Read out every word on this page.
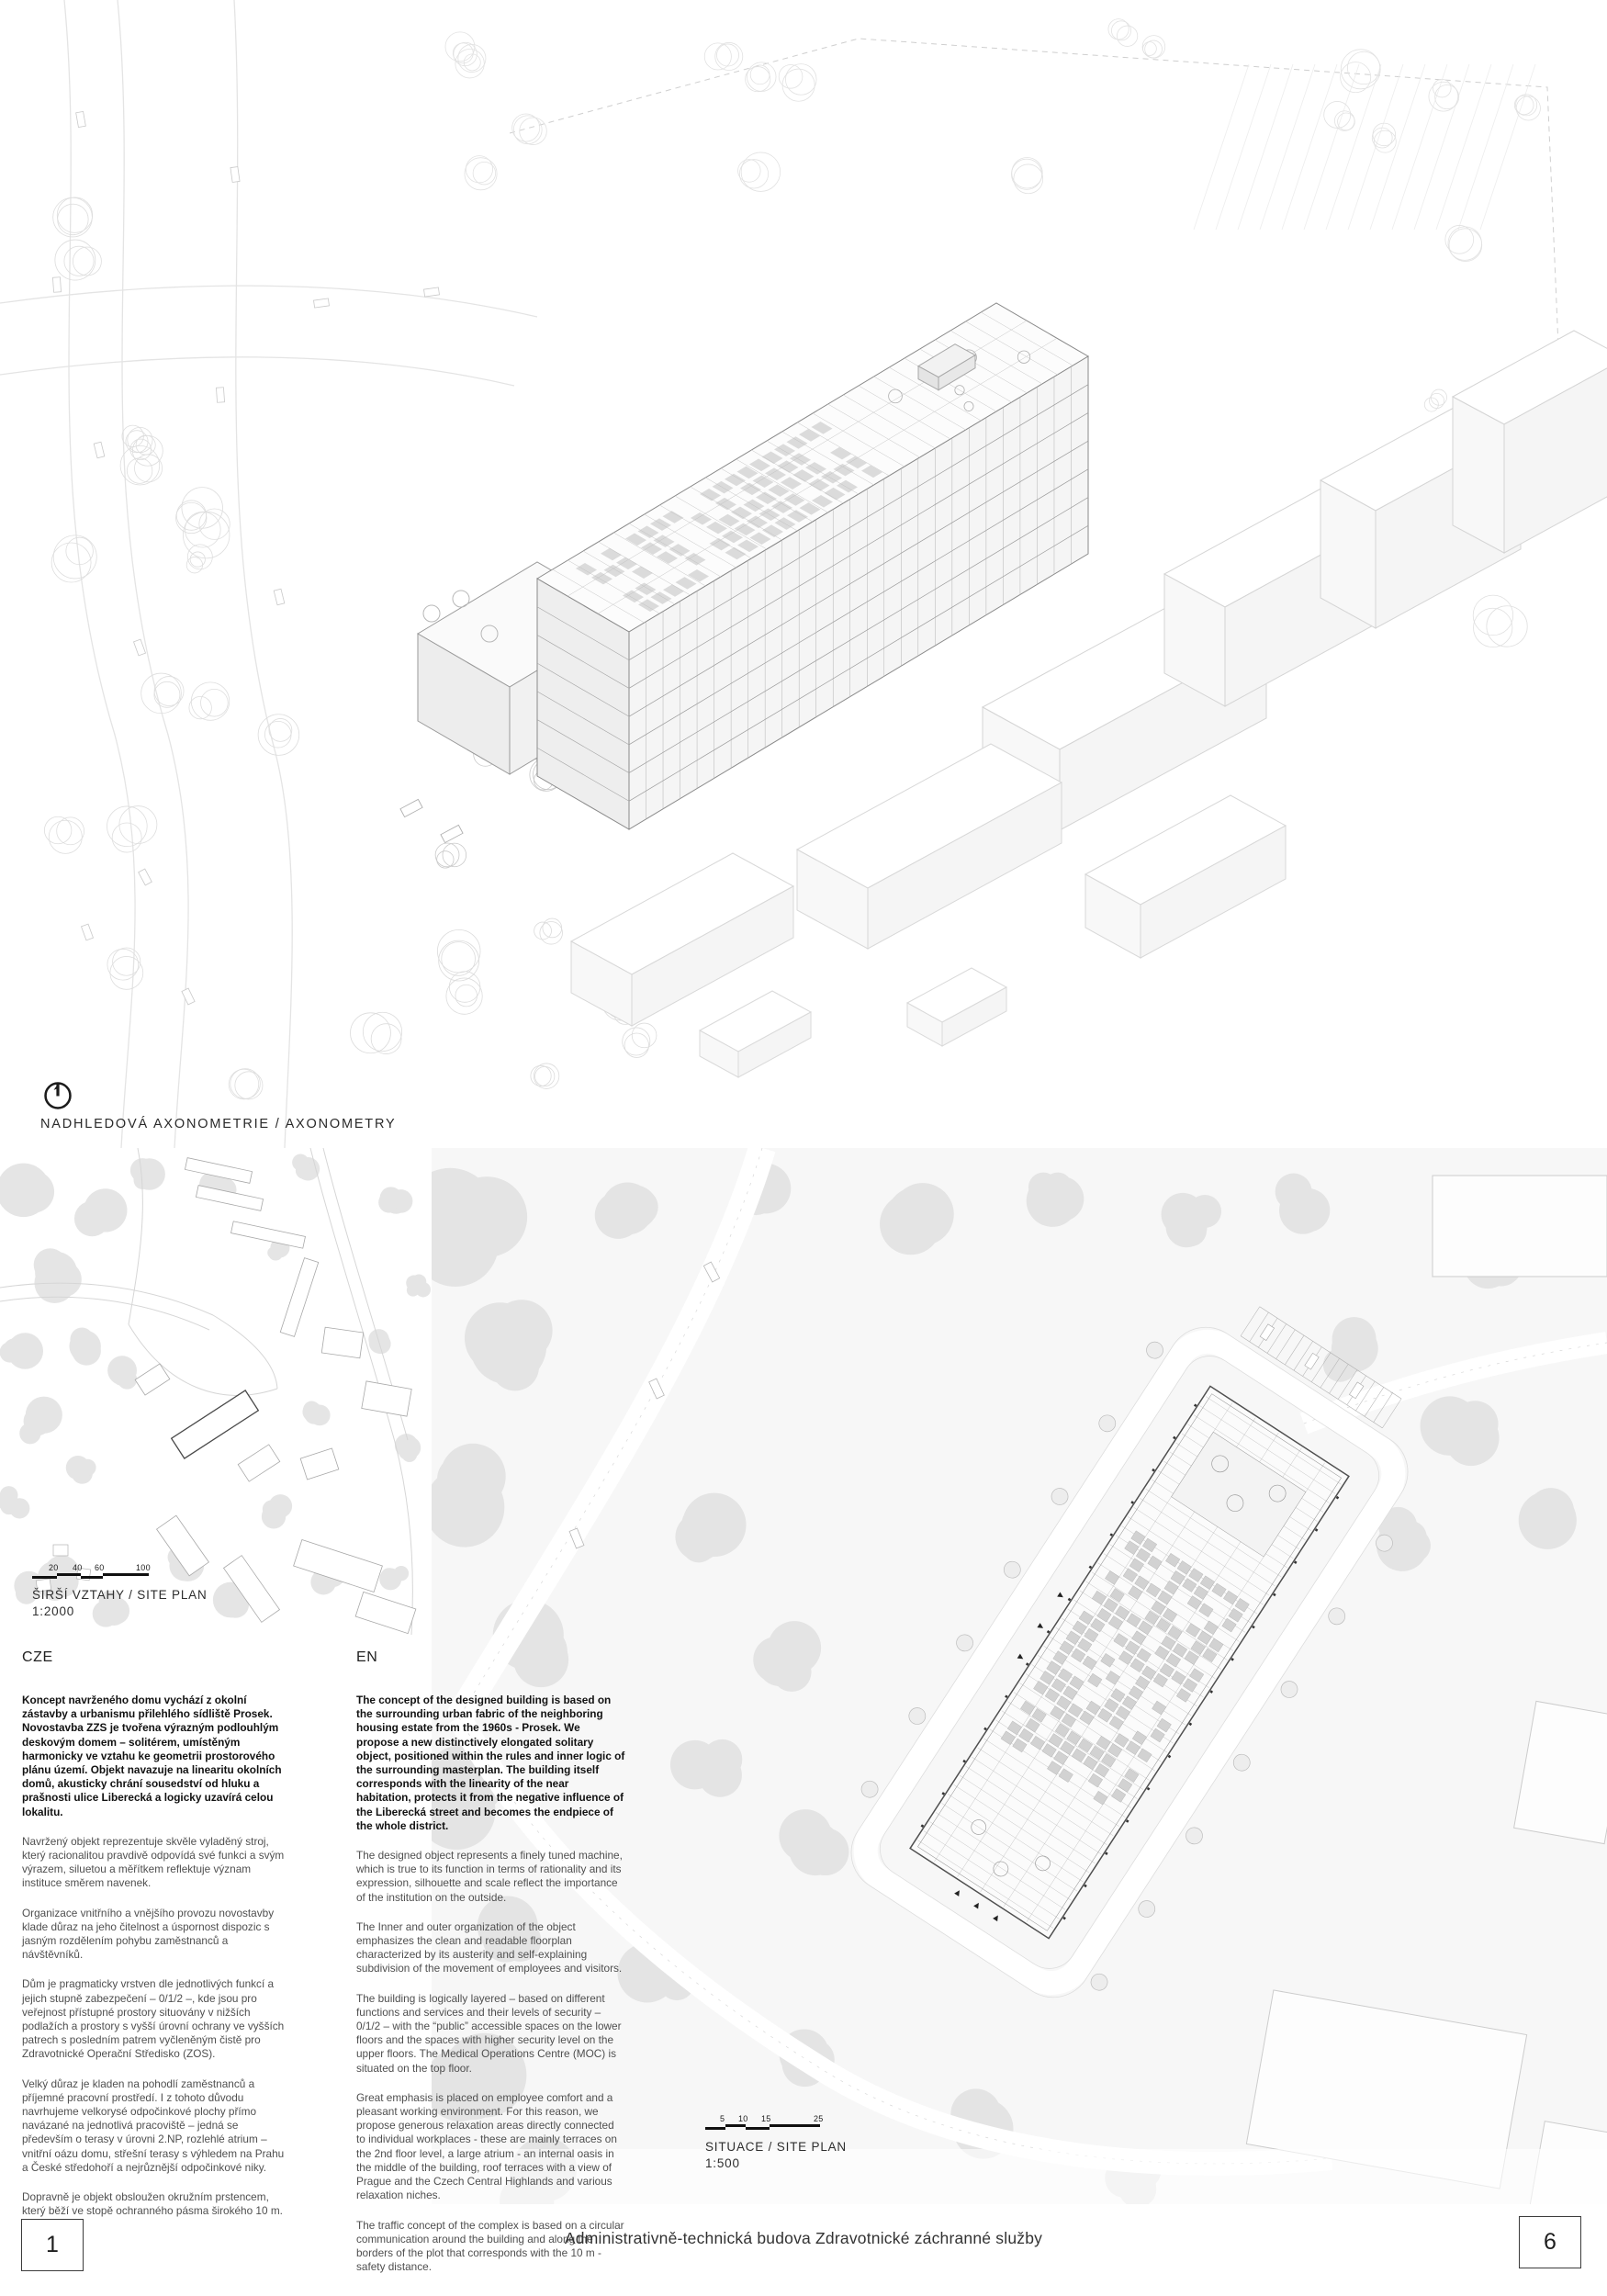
NADHLEDOVÁ AXONOMETRIE / AXONOMETRY
20 40 60	100
ŠIRŠÍ VZTAHY / SITE PLAN
1:2000
5 10 15	25
SITUACE / SITE PLAN
1:500
CZE

Koncept navrženého domu vychází z okolní zástavby a urbanismu přilehlého sídliště Prosek. Novostavba ZZS je tvořena výrazným podlouhlým deskovým domem – solitérem, umístěným harmonicky ve vztahu ke geometrii prostorového plánu území. Objekt navazuje na linearitu okolních domů, akusticky chrání sousedství od hluku a prašnosti ulice Liberecká a logicky uzavírá celou lokalitu.

Navržený objekt reprezentuje skvěle vyladěný stroj, který racionalitou pravdivě odpovídá své funkci a svým výrazem, siluetou a měřítkem reflektuje význam instituce směrem navenek.

Organizace vnitřního a vnějšího provozu novostavby klade důraz na jeho čitelnost a úspornost dispozic s jasným rozdělením pohybu zaměstnanců a návštěvníků.

Dům je pragmaticky vrstven dle jednotlivých funkcí a jejich stupně zabezpečení – 0/1/2 –, kde jsou pro veřejnost přístupné prostory situovány v nižších podlažích a prostory s vyšší úrovní ochrany ve vyšších patrech s posledním patrem vyčleněným čistě pro Zdravotnické Operační Středisko (ZOS).

Velký důraz je kladen na pohodlí zaměstnanců a příjemné pracovní prostředí. I z tohoto důvodu navrhujeme velkorysé odpočinkové plochy přímo navázané na jednotlivá pracoviště – jedná se především o terasy v úrovni 2.NP, rozlehlé atrium – vnitřní oázu domu, střešní terasy s výhledem na Prahu a České středohoří a nejrůznější odpočinkové niky.

Dopravně je objekt obsloužen okružním prstencem, který běží ve stopě ochranného pásma širokého 10 m.

EN

The concept of the designed building is based on the surrounding urban fabric of the neighboring housing estate from the 1960s - Prosek. We propose a new distinctively elongated solitary object, positioned within the rules and inner logic of the surrounding masterplan. The building itself corresponds with the linearity of the near habitation, protects it from the negative influence of the Liberecká street and becomes the endpiece of the whole district.

The designed object represents a finely tuned machine, which is true to its function in terms of rationality and its expression, silhouette and scale reflect the importance of the institution on the outside.

The Inner and outer organization of the object emphasizes the clean and readable floorplan characterized by its austerity and self-explaining subdivision of the movement of employees and visitors.

The building is logically layered – based on different functions and services and their levels of security – 0/1/2 – with the “public” accessible spaces on the lower floors and the spaces with higher security level on the upper floors. The Medical Operations Centre (MOC) is situated on the top floor.

Great emphasis is placed on employee comfort and a pleasant working environment. For this reason, we propose generous relaxation areas directly connected to individual workplaces - these are mainly terraces on the 2nd floor level, a large atrium - an internal oasis in the middle of the building, roof terraces with a view of Prague and the Czech Central Highlands and various relaxation niches.

The traffic concept of the complex is based on a circular communication around the building and along the borders of the plot that corresponds with the 10 m - safety distance.

1	Administrativně-technická budova Zdravotnické záchranné služby	6
